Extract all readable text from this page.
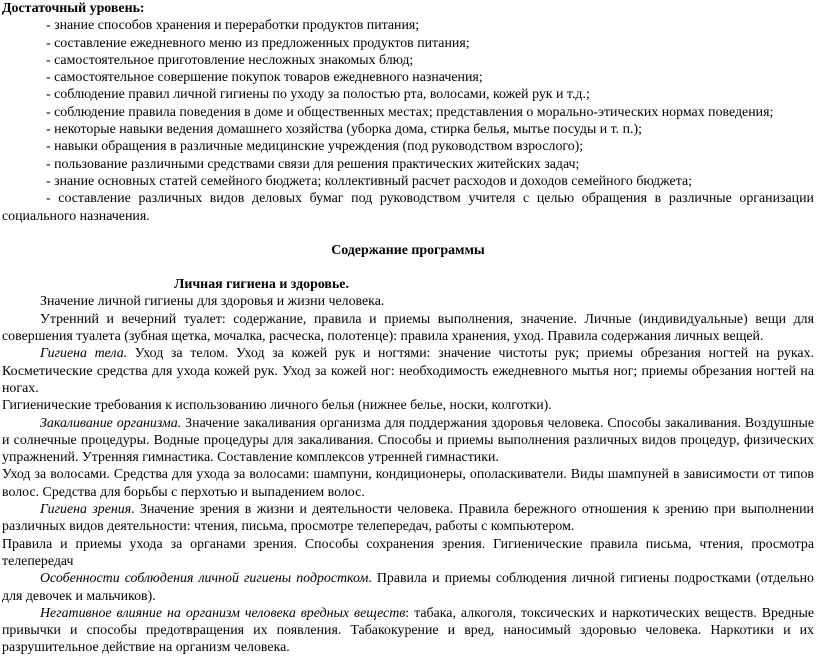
Достаточный уровень:
- знание способов хранения и переработки продуктов питания;
- составление ежедневного меню из предложенных продуктов питания;
- самостоятельное приготовление несложных знакомых блюд;
- самостоятельное совершение покупок товаров ежедневного назначения;
- соблюдение правил личной гигиены по уходу за полостью рта, волосами, кожей рук и т.д.;
- соблюдение правила поведения в доме и общественных местах; представления о морально-этических нормах поведения;
- некоторые навыки ведения домашнего хозяйства (уборка дома, стирка белья, мытье посуды и т. п.);
- навыки обращения в различные медицинские учреждения (под руководством взрослого);
- пользование различными средствами связи для решения практических житейских задач;
- знание основных статей семейного бюджета; коллективный расчет расходов и доходов семейного бюджета;
- составление различных видов деловых бумаг под руководством учителя с целью обращения в различные организации социального назначения.
Содержание программы
Личная гигиена и здоровье.
Значение личной гигиены для здоровья и жизни человека.
Утренний и вечерний туалет: содержание, правила и приемы выполнения, значение. Личные (индивидуальные) вещи для совершения туалета (зубная щетка, мочалка, расческа, полотенце): правила хранения, уход. Правила содержания личных вещей.
Гигиена тела. Уход за телом. Уход за кожей рук и ногтями: значение чистоты рук; приемы обрезания ногтей на руках. Косметические средства для ухода кожей рук. Уход за кожей ног: необходимость ежедневного мытья ног; приемы обрезания ногтей на ногах.
Гигиенические требования к использованию личного белья (нижнее белье, носки, колготки).
Закаливание организма. Значение закаливания организма для поддержания здоровья человека. Способы закаливания. Воздушные и солнечные процедуры. Водные процедуры для закаливания. Способы и приемы выполнения различных видов процедур, физических упражнений. Утренняя гимнастика. Составление комплексов утренней гимнастики.
Уход за волосами. Средства для ухода за волосами: шампуни, кондиционеры, ополаскиватели. Виды шампуней в зависимости от типов волос. Средства для борьбы с перхотью и выпадением волос.
Гигиена зрения. Значение зрения в жизни и деятельности человека. Правила бережного отношения к зрению при выполнении различных видов деятельности: чтения, письма, просмотре телепередач, работы с компьютером.
Правила и приемы ухода за органами зрения. Способы сохранения зрения. Гигиенические правила письма, чтения, просмотра телепередач
Особенности соблюдения личной гигиены подростком. Правила и приемы соблюдения личной гигиены подростками (отдельно для девочек и мальчиков).
Негативное влияние на организм человека вредных веществ: табака, алкоголя, токсических и наркотических веществ. Вредные привычки и способы предотвращения их появления. Табакокурение и вред, наносимый здоровью человека. Наркотики и их разрушительное действие на организм человека.
